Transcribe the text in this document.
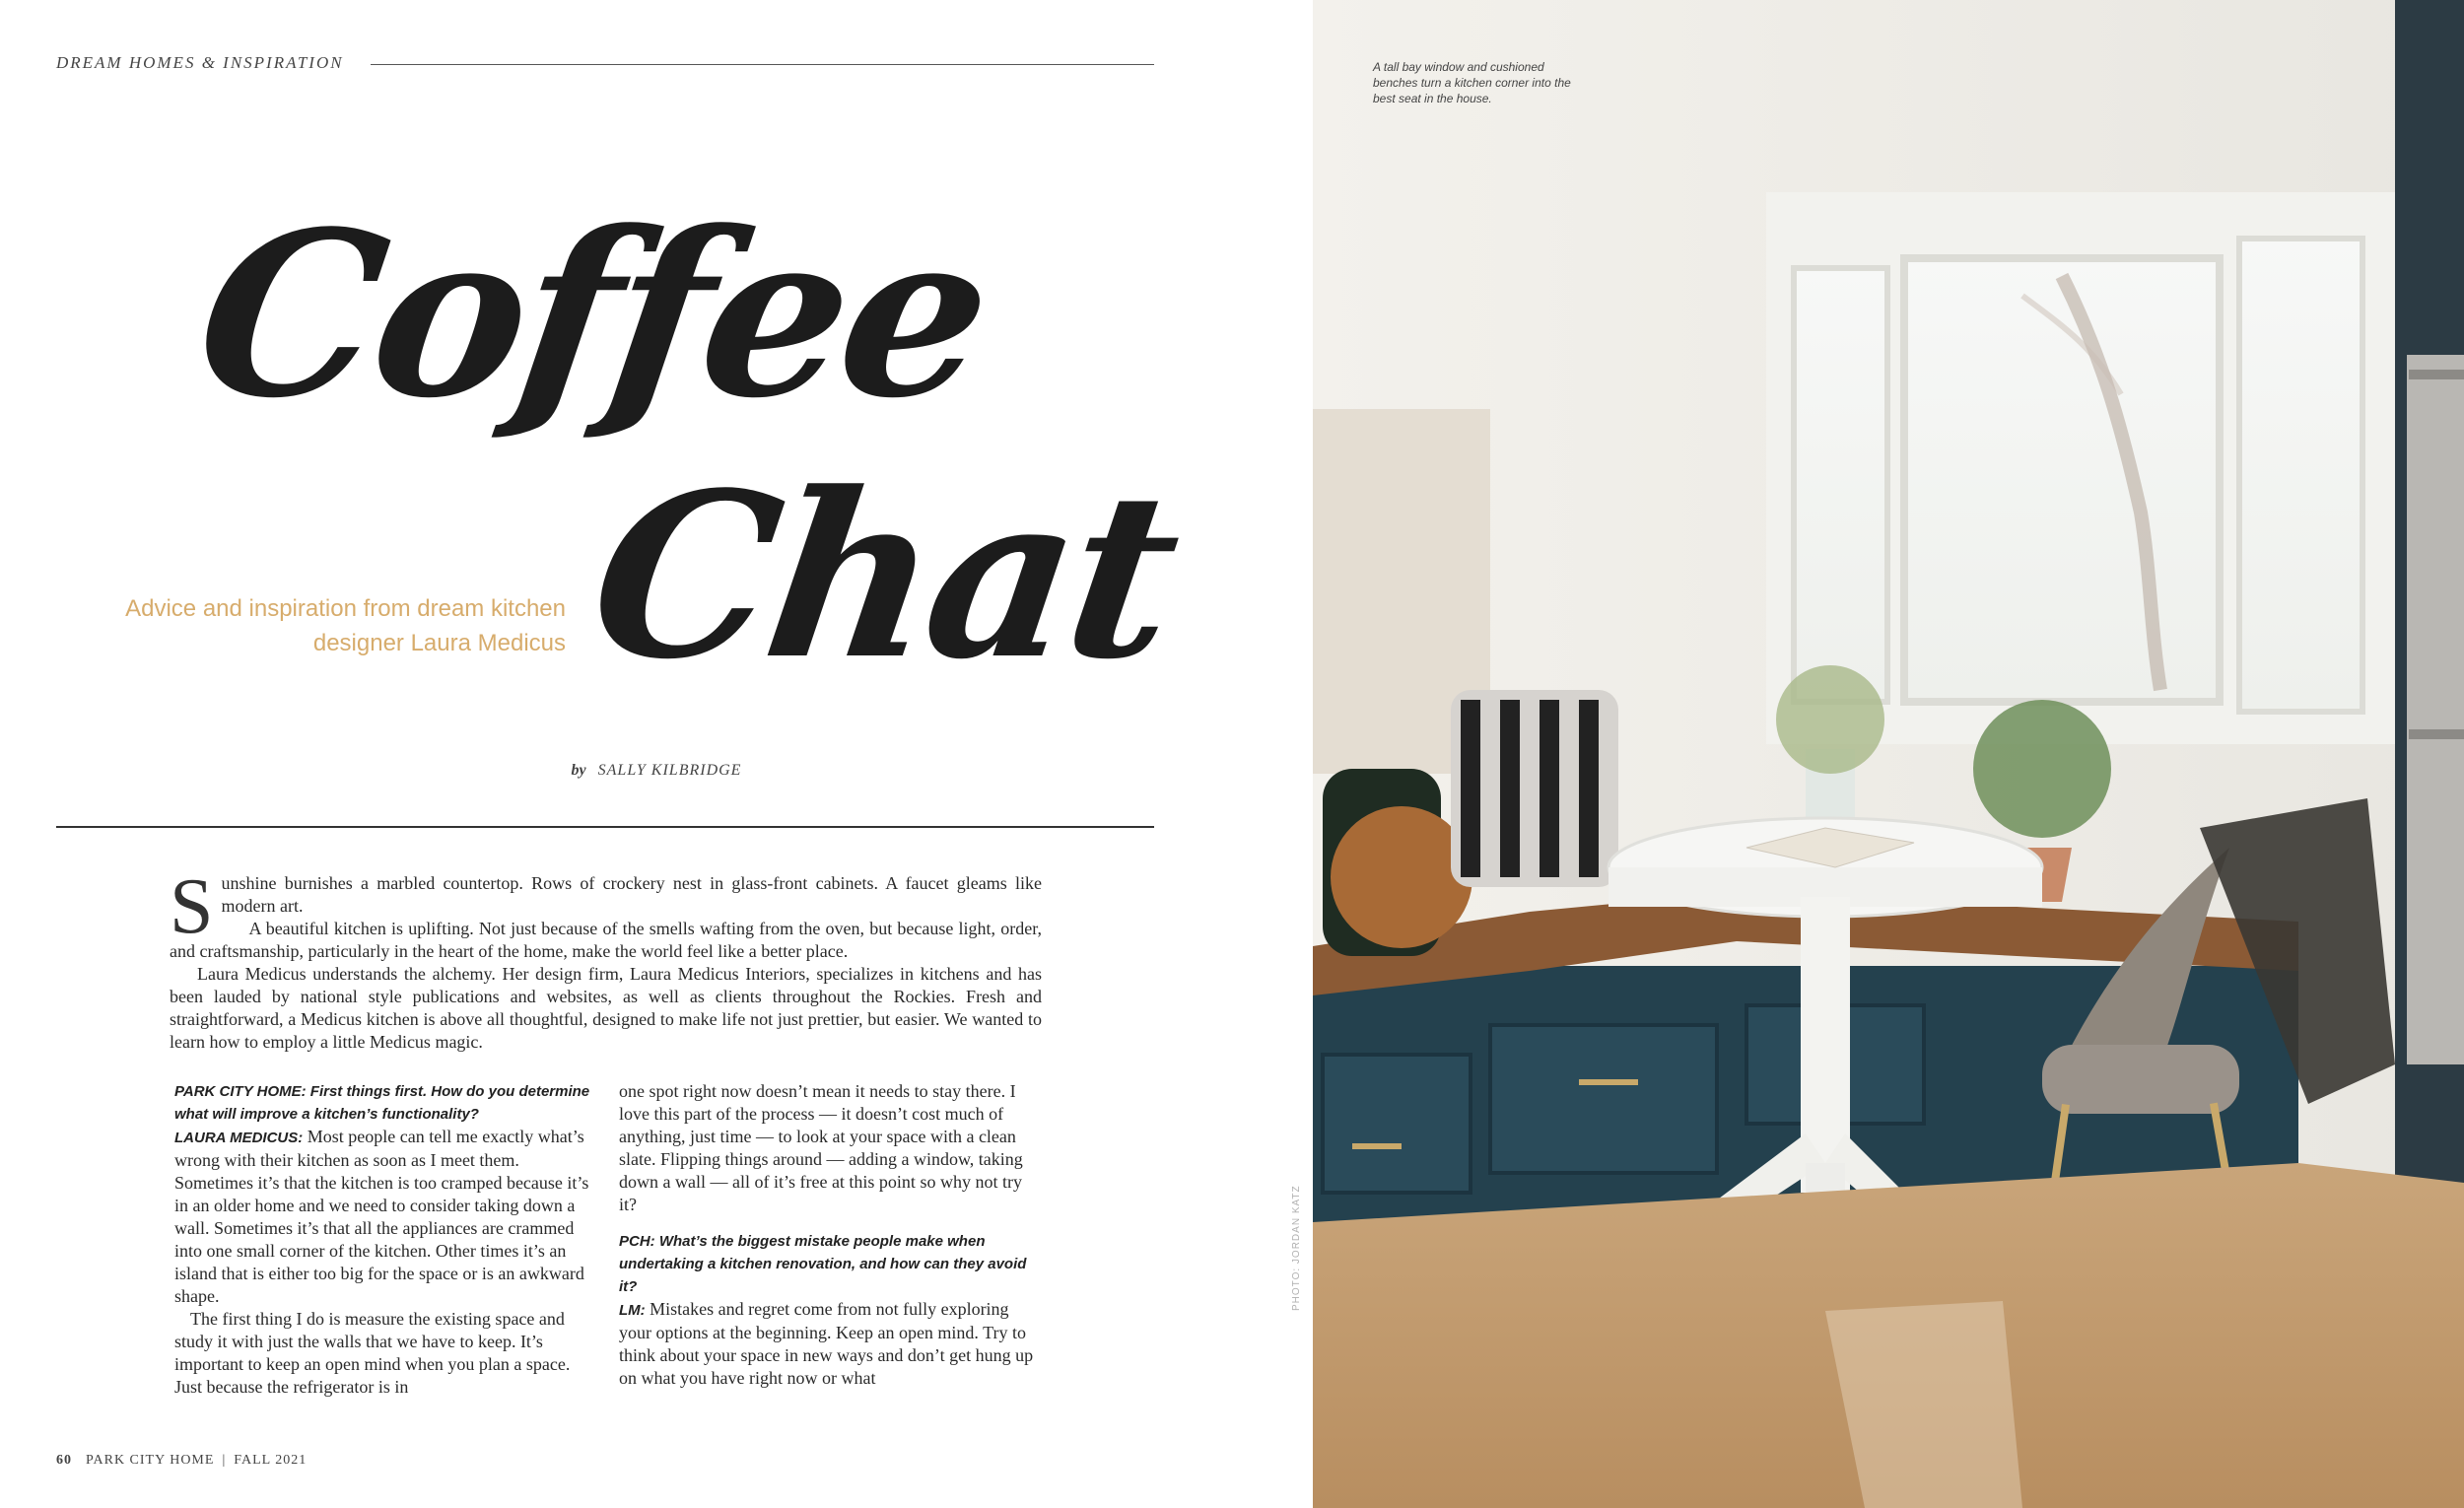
DREAM HOMES & INSPIRATION
Coffee
Chat
Advice and inspiration from dream kitchen
designer Laura Medicus
by SALLY KILBRIDGE

Sunshine burnishes a marbled countertop. Rows of crockery nest in glass-front cabinets. A faucet gleams like modern art.

A beautiful kitchen is uplifting. Not just because of the smells wafting from the oven, but because light, order, and craftsmanship, particularly in the heart of the home, make the world feel like a better place.

Laura Medicus understands the alchemy. Her design firm, Laura Medicus Interiors, specializes in kitchens and has been lauded by national style publications and websites, as well as clients throughout the Rockies. Fresh and straightforward, a Medicus kitchen is above all thoughtful, designed to make life not just prettier, but easier. We wanted to learn how to employ a little Medicus magic.

PARK CITY HOME: First things first. How do you determine what will improve a kitchen’s functionality?

LAURA MEDICUS: Most people can tell me exactly what’s wrong with their kitchen as soon as I meet them. Sometimes it’s that the kitchen is too cramped because it’s in an older home and we need to consider taking down a wall. Sometimes it’s that all the appliances are crammed into one small corner of the kitchen. Other times it’s an island that is either too big for the space or is an awkward shape.

The first thing I do is measure the existing space and study it with just the walls that we have to keep. It’s important to keep an open mind when you plan a space. Just because the refrigerator is in

one spot right now doesn’t mean it needs to stay there. I love this part of the process — it doesn’t cost much of anything, just time — to look at your space with a clean slate. Flipping things around — adding a window, taking down a wall — all of it’s free at this point so why not try it?

PCH: What’s the biggest mistake people make when undertaking a kitchen renovation, and how can they avoid it?

LM: Mistakes and regret come from not fully exploring your options at the beginning. Keep an open mind. Try to think about your space in new ways and don’t get hung up on what you have right now or what

60 PARK CITY HOME | FALL 2021
PHOTO: JORDAN KATZ
A tall bay window and cushioned benches turn a kitchen corner into the best seat in the house.
